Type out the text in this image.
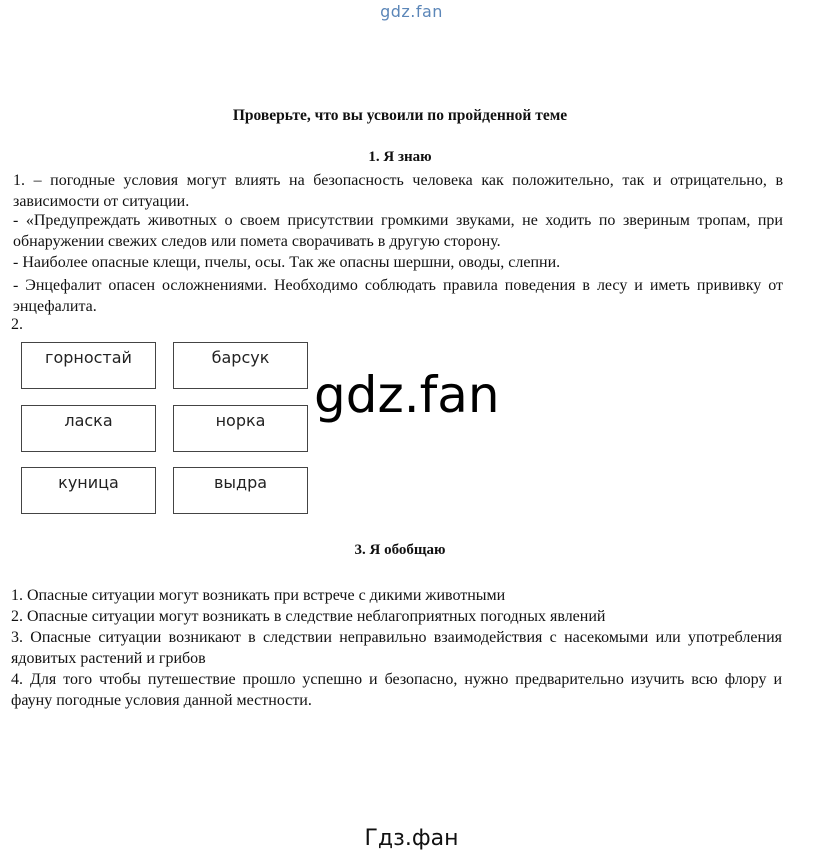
gdz.fan
Проверьте, что вы усвоили по пройденной теме
1. Я знаю
1. – погодные условия могут влиять на безопасность человека как положительно, так и отрицательно, в зависимости от ситуации.
- «Предупреждать животных о своем присутствии громкими звуками, не ходить по звериным тропам, при обнаружении свежих следов или помета сворачивать в другую сторону.
- Наиболее опасные клещи, пчелы, осы. Так же опасны шершни, оводы, слепни.
- Энцефалит опасен осложнениями. Необходимо соблюдать правила поведения в лесу и иметь прививку от энцефалита.
2.
горностай	барсук
ласка	норка
куница	выдра
gdz.fan
3. Я обобщаю
1. Опасные ситуации могут возникать при встрече с дикими животными
2. Опасные ситуации могут возникать в следствие неблагоприятных погодных явлений
3. Опасные ситуации возникают в следствии неправильно взаимодействия с насекомыми или употребления ядовитых растений и грибов
4. Для того чтобы путешествие прошло успешно и безопасно, нужно предварительно изучить всю флору и фауну погодные условия данной местности.
Гдз.фан
